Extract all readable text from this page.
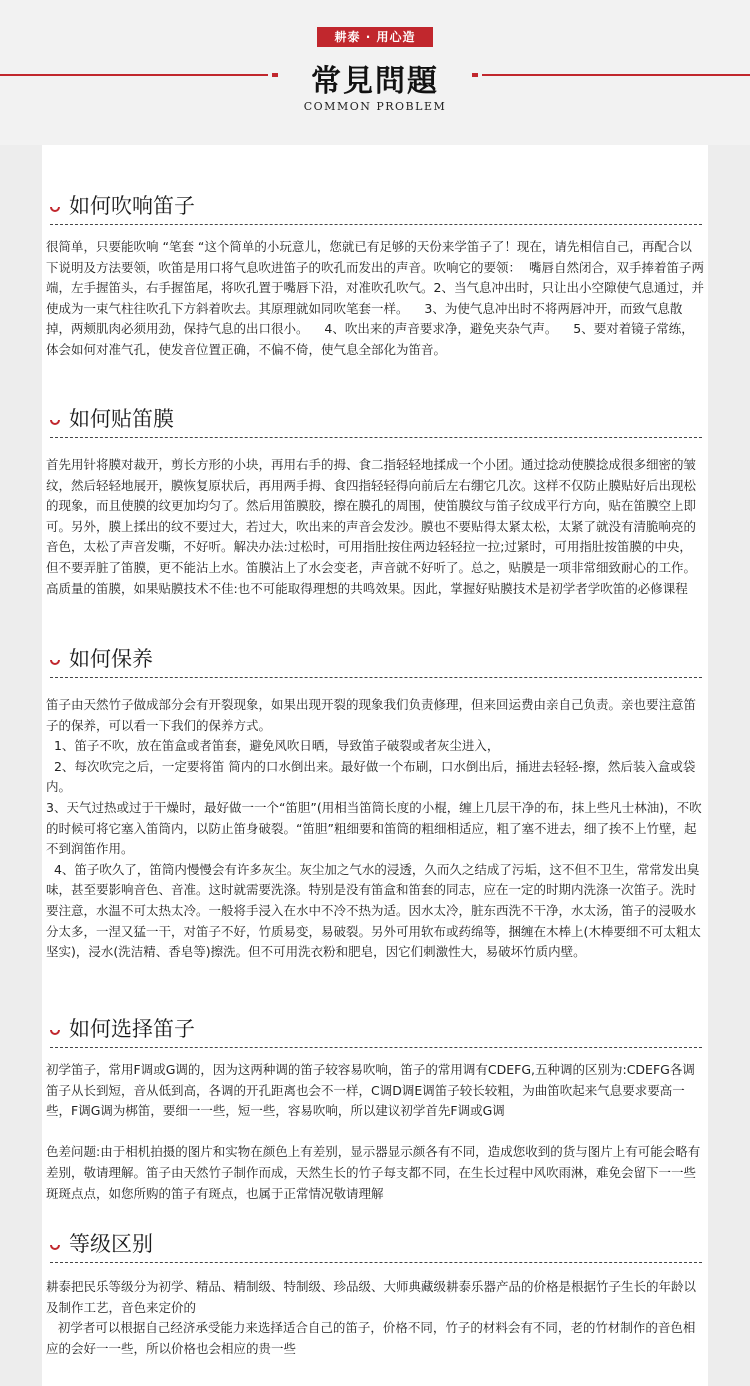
耕泰 · 用心造
常見問題
COMMON PROBLEM
如何吹响笛子

很简单，只要能吹响 “笔套 “这个简单的小玩意儿，您就已有足够的天份来学笛子了！现在，请先相信自己，再配合以下说明及方法要领，吹笛是用口将气息吹进笛子的吹孔而发出的声音。吹响它的要领：  嘴唇自然闭合，双手捧着笛子两端，左手握笛头，右手握笛尾，将吹孔置于嘴唇下沿，对准吹孔吹气。2、当气息冲出时，只让出小空隙使气息通过，并使成为一束气柱往吹孔下方斜着吹去。其原理就如同吹笔套一样。    3、为使气息冲出时不将两唇冲开，而致气息散掉，两颊肌肉必须用劲，保持气息的出口很小。    4、吹出来的声音要求净，避免夹杂气声。    5、要对着镜子常练，体会如何对准气孔，使发音位置正确，不偏不倚，使气息全部化为笛音。

如何贴笛膜

首先用针将膜对裁开，剪长方形的小块，再用右手的拇、食二指轻轻地揉成一个小团。通过捻动使膜捻成很多细密的皱纹，然后轻轻地展开，膜恢复原状后，再用两手拇、食四指轻轻得向前后左右绷它几次。这样不仅防止膜贴好后出现松的现象，而且使膜的纹更加均匀了。然后用笛膜胶，擦在膜孔的周围，使笛膜纹与笛子纹成平行方向，贴在笛膜空上即可。另外，膜上揉出的纹不要过大，若过大，吹出来的声音会发沙。膜也不要贴得太紧太松，太紧了就没有清脆响亮的音色，太松了声音发嘶，不好听。解决办法:过松时，可用指肚按住两边轻轻拉一拉;过紧时，可用指肚按笛膜的中央，但不要弄脏了笛膜，更不能沾上水。笛膜沾上了水会变老，声音就不好听了。总之，贴膜是一项非常细致耐心的工作。高质量的笛膜，如果贴膜技术不佳:也不可能取得理想的共鸣效果。因此，掌握好贴膜技术是初学者学吹笛的必修课程

如何保养

笛子由天然竹子做成部分会有开裂现象，如果出现开裂的现象我们负责修理，但来回运费由亲自己负责。亲也要注意笛子的保养，可以看一下我们的保养方式。

1、笛子不吹，放在笛盒或者笛套，避免风吹日晒，导致笛子破裂或者灰尘进入，

2、每次吹完之后，一定要将笛 简内的口水倒出来。最好做一个布刷，口水倒出后，捅进去轻轻-擦，然后装入盒或袋内。

3、天气过热或过于干燥时，最好做一一个“笛胆”(用相当笛筒长度的小棍，缠上几层干净的布，抹上些凡士林油)，不吹的时候可将它塞入笛筒内，以防止笛身破裂。“笛胆”粗细要和笛筒的粗细相适应，粗了塞不进去，细了挨不上竹壁，起不到润笛作用。

4、笛子吹久了，笛筒内慢慢会有许多灰尘。灰尘加之气水的浸透，久而久之结成了污垢，这不但不卫生，常常发出臭味，甚至要影响音色、音准。这时就需要洗涤。特别是没有笛盒和笛套的同志，应在一定的时期内洗涤一次笛子。洗时要注意，水温不可太热太冷。一般将手浸入在水中不冷不热为适。因水太冷，脏东西洗不干净，水太汤，笛子的浸吸水分太多，一涅又猛一干，对笛子不好，竹质易变，易破裂。另外可用软布或药绵等，捆缠在木棒上(木棒要细不可太粗太坚实)，浸水(洗洁精、香皂等)擦洗。但不可用洗衣粉和肥皂，因它们刺激性大，易破坏竹质内壁。

如何选择笛子

初学笛子，常用F调或G调的，因为这两种调的笛子较容易吹响，笛子的常用调有CDEFG,五种调的区别为:CDEFG各调笛子从长到短，音从低到高，各调的开孔距离也会不一样，C调D调E调笛子较长较粗，为曲笛吹起来气息要求要高一些，F调G调为梆笛，要细一一些，短一些，容易吹响，所以建议初学首先F调或G调

色差问题:由于相机拍摄的图片和实物在颜色上有差别，显示器显示颜各有不同，造成您收到的货与图片上有可能会略有差别，敬请理解。笛子由天然竹子制作而成，天然生长的竹子每支都不同，在生长过程中风吹雨淋，难免会留下一一些斑斑点点，如您所购的笛子有斑点，也属于正常情况敬请理解

等级区别

耕泰把民乐等级分为初学、精品、精制级、特制级、珍品级、大师典藏级耕泰乐器产品的价格是根据竹子生长的年龄以及制作工艺，音色来定价的

初学者可以根据自己经济承受能力来选择适合自己的笛子，价格不同，竹子的材料会有不同，老的竹材制作的音色相应的会好一一些，所以价格也会相应的贵一些
